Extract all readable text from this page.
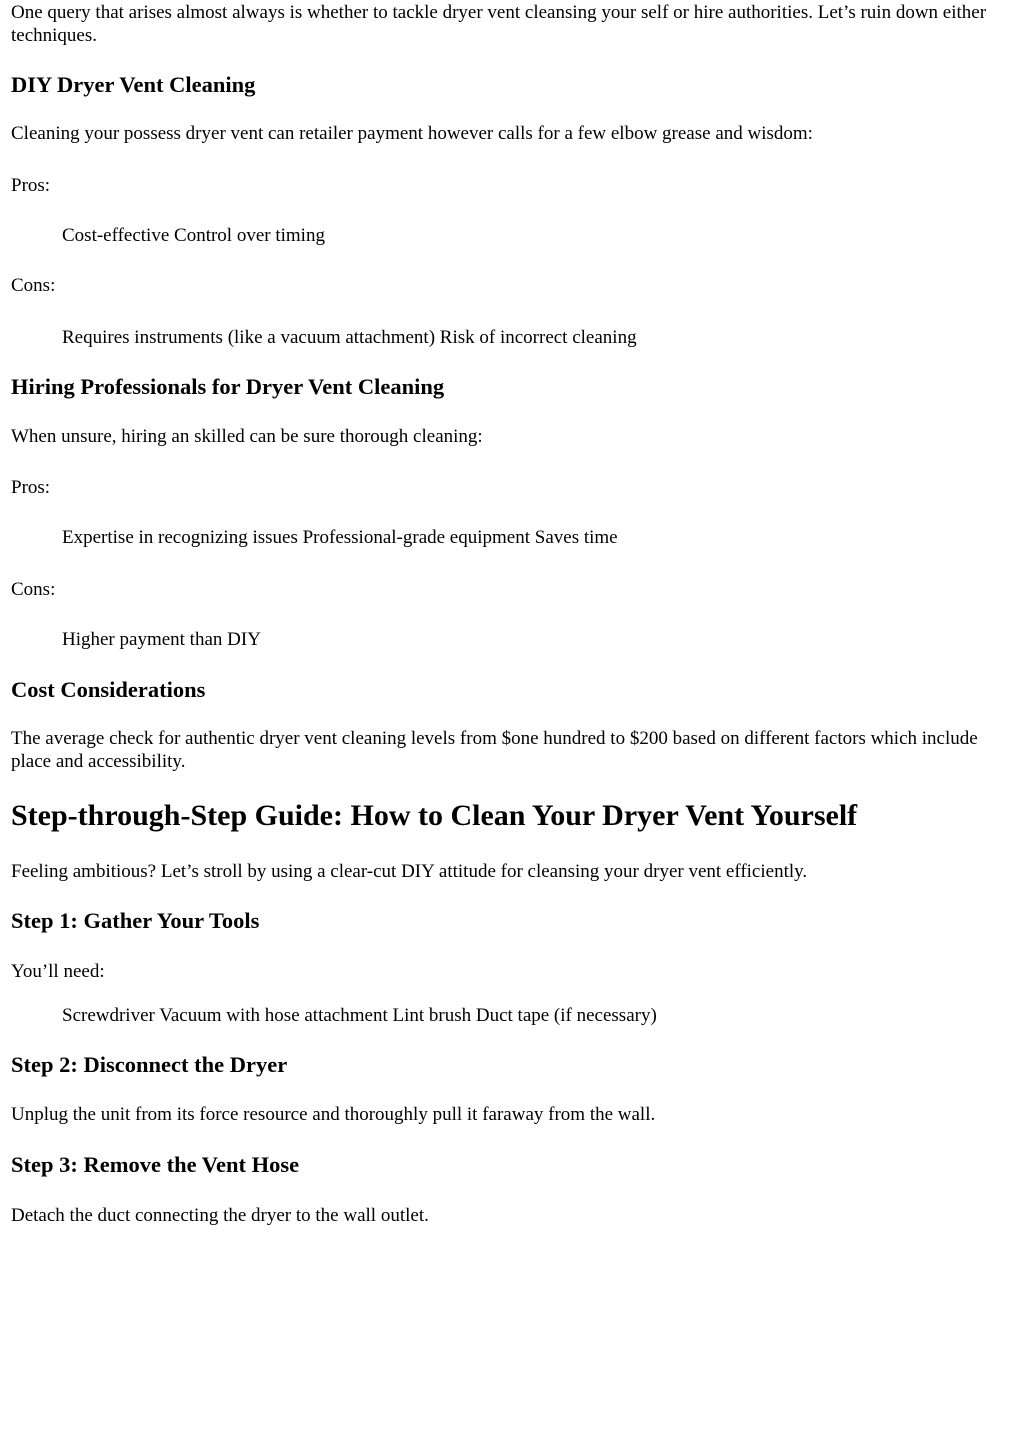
One query that arises almost always is whether to tackle dryer vent cleansing your self or hire authorities. Let’s ruin down either techniques.

DIY Dryer Vent Cleaning

Cleaning your possess dryer vent can retailer payment however calls for a few elbow grease and wisdom:

Pros:

Cost-effective Control over timing

Cons:

Requires instruments (like a vacuum attachment) Risk of incorrect cleaning

Hiring Professionals for Dryer Vent Cleaning

When unsure, hiring an skilled can be sure thorough cleaning:

Pros:

Expertise in recognizing issues Professional-grade equipment Saves time

Cons:

Higher payment than DIY

Cost Considerations

The average check for authentic dryer vent cleaning levels from $one hundred to $200 based on different factors which include place and accessibility.

Step-through-Step Guide: How to Clean Your Dryer Vent Yourself

Feeling ambitious? Let’s stroll by using a clear-cut DIY attitude for cleansing your dryer vent efficiently.

Step 1: Gather Your Tools

You’ll need:

Screwdriver Vacuum with hose attachment Lint brush Duct tape (if necessary)

Step 2: Disconnect the Dryer

Unplug the unit from its force resource and thoroughly pull it faraway from the wall.

Step 3: Remove the Vent Hose

Detach the duct connecting the dryer to the wall outlet.
